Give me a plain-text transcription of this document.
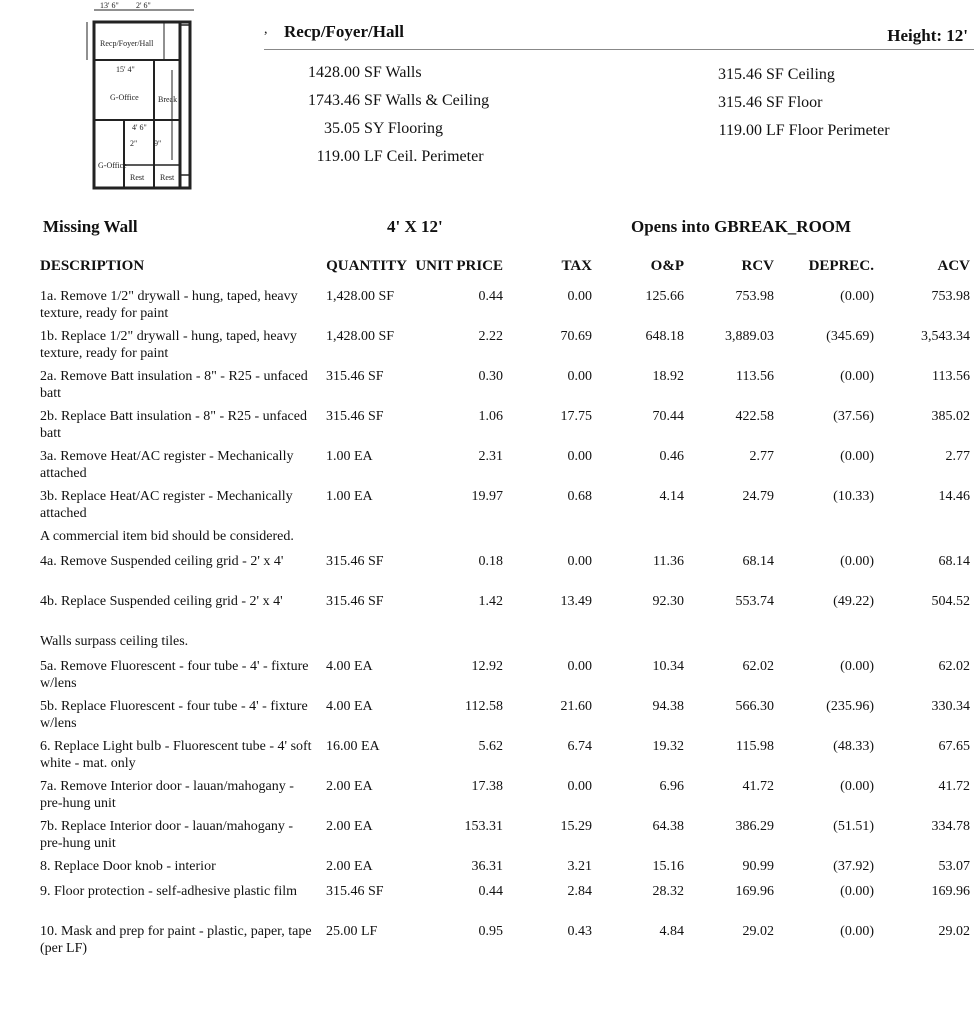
13' 6" 2' 6"
Recp/Foyer/Hall
15' 4"
G-Office Break
4' 6"
2" 9"
G-Office
Rest Rest
, Recp/Foyer/Hall	Height: 12'
1428.00 SF Walls
1743.46 SF Walls & Ceiling
35.05 SY Flooring
119.00 LF Ceil. Perimeter
315.46 SF Ceiling
315.46 SF Floor
119.00 LF Floor Perimeter
Missing Wall	4' X 12'	Opens into GBREAK_ROOM
DESCRIPTION	QUANTITY	UNIT PRICE	TAX	O&P	RCV	DEPREC.	ACV
1a. Remove 1/2" drywall - hung, taped, heavy texture, ready for paint	1,428.00 SF	0.44	0.00	125.66	753.98	(0.00)	753.98
1b. Replace 1/2" drywall - hung, taped, heavy texture, ready for paint	1,428.00 SF	2.22	70.69	648.18	3,889.03	(345.69)	3,543.34
2a. Remove Batt insulation - 8" - R25 - unfaced batt	315.46 SF	0.30	0.00	18.92	113.56	(0.00)	113.56
2b. Replace Batt insulation - 8" - R25 - unfaced batt	315.46 SF	1.06	17.75	70.44	422.58	(37.56)	385.02
3a. Remove Heat/AC register - Mechanically attached	1.00 EA	2.31	0.00	0.46	2.77	(0.00)	2.77
3b. Replace Heat/AC register - Mechanically attached	1.00 EA	19.97	0.68	4.14	24.79	(10.33)	14.46
A commercial item bid should be considered.							
4a. Remove Suspended ceiling grid - 2' x 4'	315.46 SF	0.18	0.00	11.36	68.14	(0.00)	68.14
4b. Replace Suspended ceiling grid - 2' x 4'	315.46 SF	1.42	13.49	92.30	553.74	(49.22)	504.52
Walls surpass ceiling tiles.							
5a. Remove Fluorescent - four tube - 4' - fixture w/lens	4.00 EA	12.92	0.00	10.34	62.02	(0.00)	62.02
5b. Replace Fluorescent - four tube - 4' - fixture w/lens	4.00 EA	112.58	21.60	94.38	566.30	(235.96)	330.34
6. Replace Light bulb - Fluorescent tube - 4' soft white - mat. only	16.00 EA	5.62	6.74	19.32	115.98	(48.33)	67.65
7a. Remove Interior door - lauan/mahogany - pre-hung unit	2.00 EA	17.38	0.00	6.96	41.72	(0.00)	41.72
7b. Replace Interior door - lauan/mahogany - pre-hung unit	2.00 EA	153.31	15.29	64.38	386.29	(51.51)	334.78
8. Replace Door knob - interior	2.00 EA	36.31	3.21	15.16	90.99	(37.92)	53.07
9. Floor protection - self-adhesive plastic film	315.46 SF	0.44	2.84	28.32	169.96	(0.00)	169.96
10. Mask and prep for paint - plastic, paper, tape (per LF)	25.00 LF	0.95	0.43	4.84	29.02	(0.00)	29.02
